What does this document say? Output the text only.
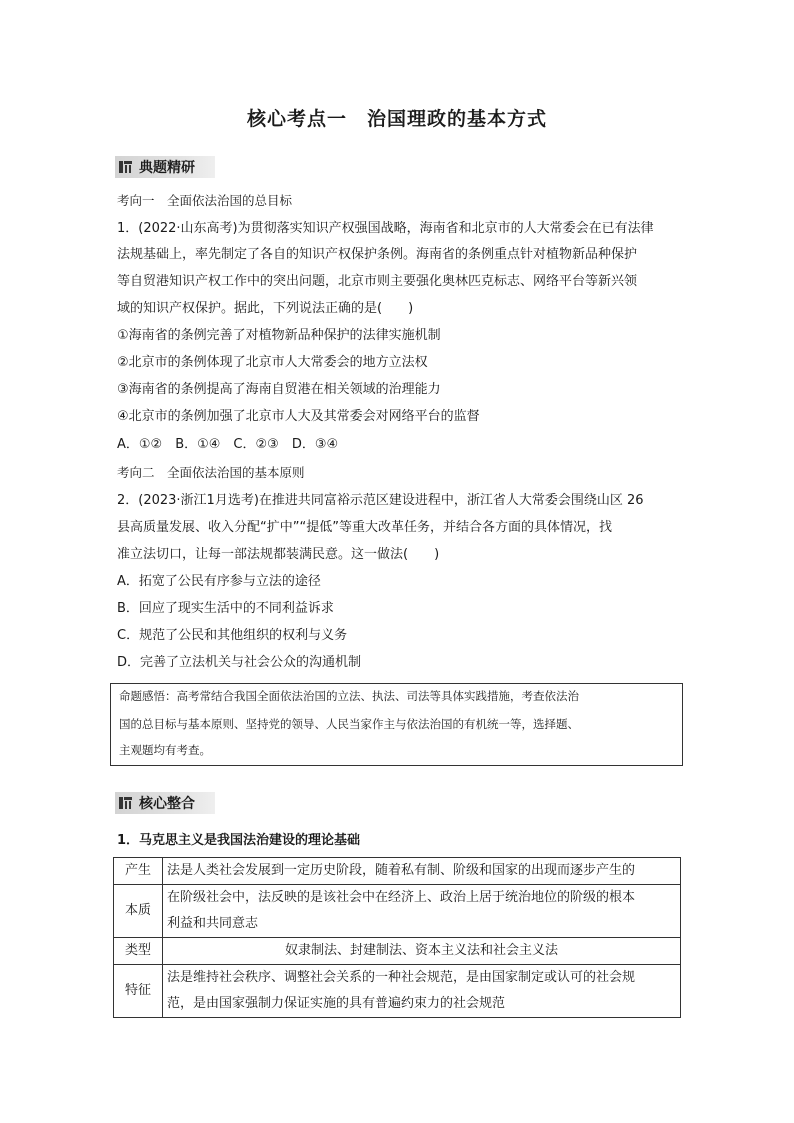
核心考点一　治国理政的基本方式
典题精研
考向一　全面依法治国的总目标
1．(2022·山东高考)为贯彻落实知识产权强国战略，海南省和北京市的人大常委会在已有法律
法规基础上，率先制定了各自的知识产权保护条例。海南省的条例重点针对植物新品种保护
等自贸港知识产权工作中的突出问题，北京市则主要强化奥林匹克标志、网络平台等新兴领
域的知识产权保护。据此，下列说法正确的是(　　)
①海南省的条例完善了对植物新品种保护的法律实施机制
②北京市的条例体现了北京市人大常委会的地方立法权
③海南省的条例提高了海南自贸港在相关领域的治理能力
④北京市的条例加强了北京市人大及其常委会对网络平台的监督
A．①②　B．①④　C．②③　D．③④
考向二　全面依法治国的基本原则
2．(2023·浙江1月选考)在推进共同富裕示范区建设进程中，浙江省人大常委会围绕山区 26
县高质量发展、收入分配“扩中”“提低”等重大改革任务，并结合各方面的具体情况，找
准立法切口，让每一部法规都装满民意。这一做法(　　)
A．拓宽了公民有序参与立法的途径
B．回应了现实生活中的不同利益诉求
C．规范了公民和其他组织的权利与义务
D．完善了立法机关与社会公众的沟通机制
命题感悟：高考常结合我国全面依法治国的立法、执法、司法等具体实践措施，考查依法治
国的总目标与基本原则、坚持党的领导、人民当家作主与依法治国的有机统一等，选择题、
主观题均有考查。
核心整合
1．马克思主义是我国法治建设的理论基础
产生	法是人类社会发展到一定历史阶段，随着私有制、阶级和国家的出现而逐步产生的

本质	在阶级社会中，法反映的是该社会中在经济上、政治上居于统治地位的阶级的根本
利益和共同意志

类型	奴隶制法、封建制法、资本主义法和社会主义法

特征	法是维持社会秩序、调整社会关系的一种社会规范，是由国家制定或认可的社会规
范，是由国家强制力保证实施的具有普遍约束力的社会规范
